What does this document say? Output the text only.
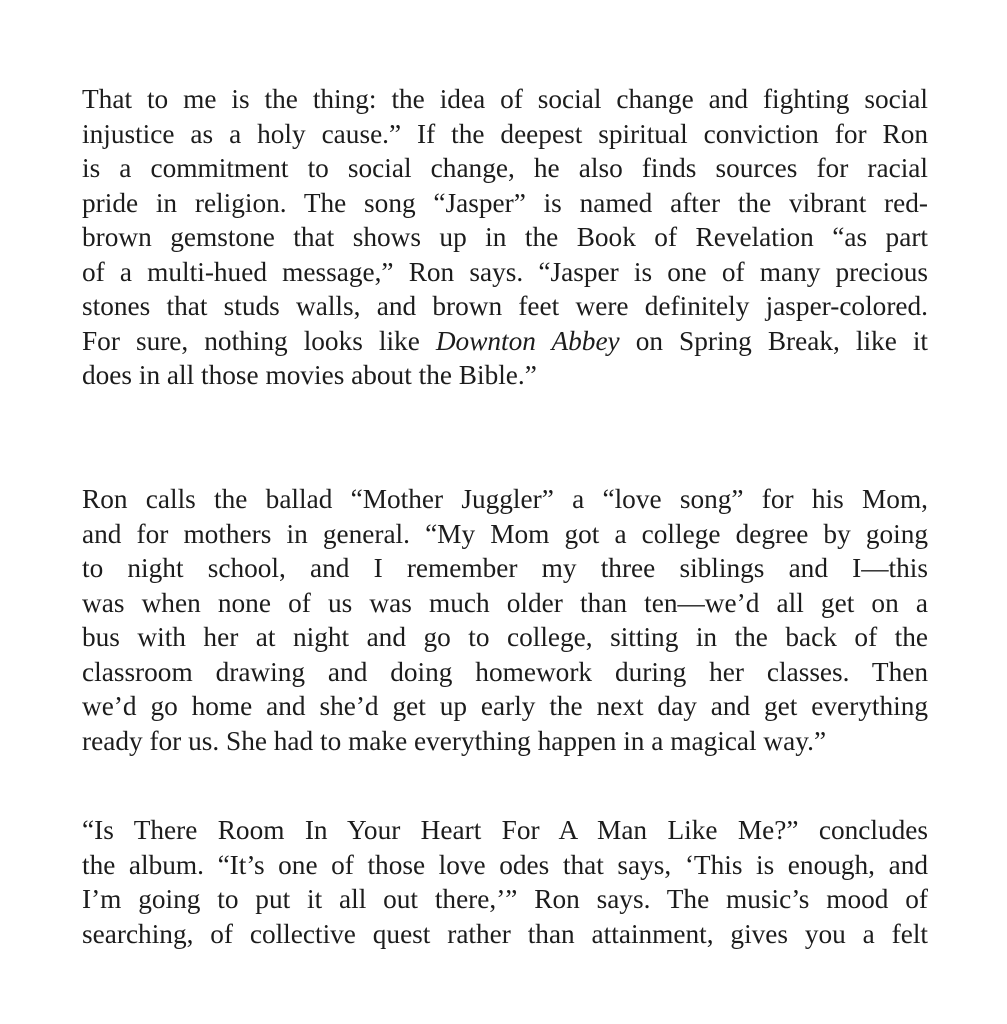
That to me is the thing: the idea of social change and fighting social
injustice as a holy cause.” If the deepest spiritual conviction for Ron
is a commitment to social change, he also finds sources for racial
pride in religion. The song “Jasper” is named after the vibrant red-
brown gemstone that shows up in the Book of Revelation “as part
of a multi-hued message,” Ron says. “Jasper is one of many precious
stones that studs walls, and brown feet were definitely jasper-colored.
For sure, nothing looks like Downton Abbey on Spring Break, like it
does in all those movies about the Bible.”
Ron calls the ballad “Mother Juggler” a “love song” for his Mom,
and for mothers in general. “My Mom got a college degree by going
to night school, and I remember my three siblings and I—this
was when none of us was much older than ten—we’d all get on a
bus with her at night and go to college, sitting in the back of the
classroom drawing and doing homework during her classes. Then
we’d go home and she’d get up early the next day and get everything
ready for us. She had to make everything happen in a magical way.”
“Is There Room In Your Heart For A Man Like Me?” concludes
the album. “It’s one of those love odes that says, ‘This is enough, and
I’m going to put it all out there,’” Ron says. The music’s mood of
searching, of collective quest rather than attainment, gives you a felt
